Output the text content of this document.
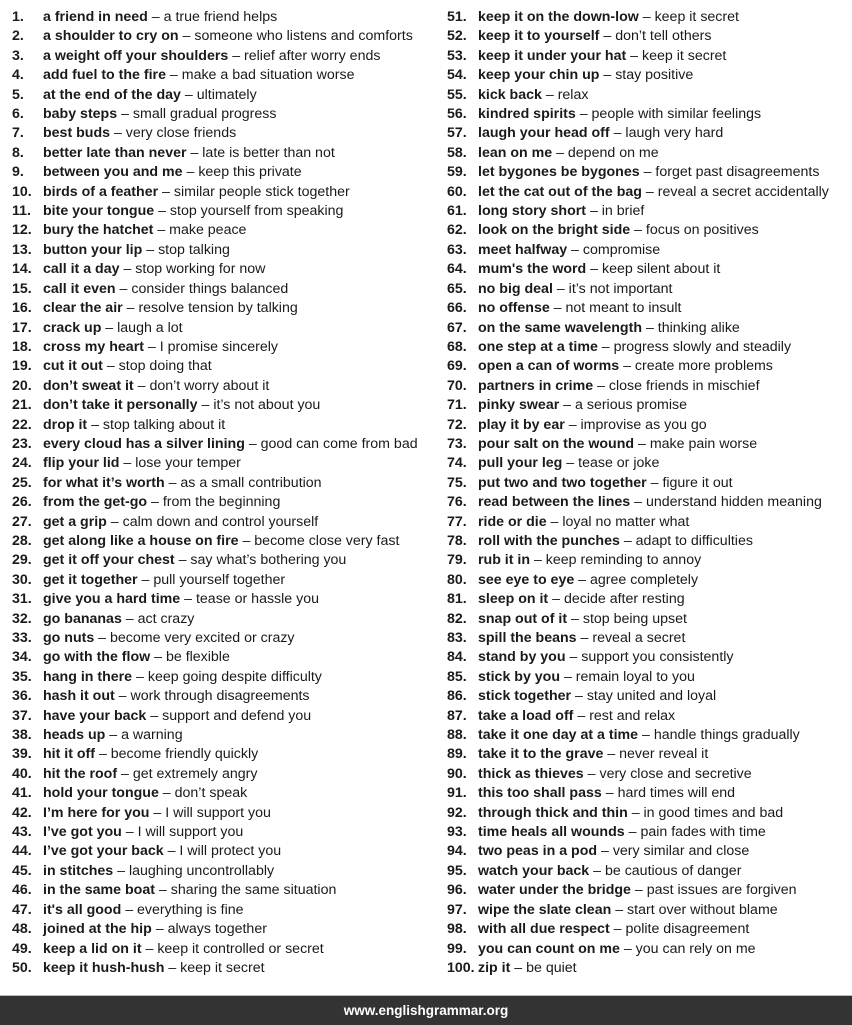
1.	a friend in need – a true friend helps
2.	a shoulder to cry on – someone who listens and comforts
3.	a weight off your shoulders – relief after worry ends
4.	add fuel to the fire – make a bad situation worse
5.	at the end of the day – ultimately
6.	baby steps – small gradual progress
7.	best buds – very close friends
8.	better late than never – late is better than not
9.	between you and me – keep this private
10. birds of a feather – similar people stick together
11. bite your tongue – stop yourself from speaking
12. bury the hatchet – make peace
13. button your lip – stop talking
14. call it a day – stop working for now
15. call it even – consider things balanced
16. clear the air – resolve tension by talking
17. crack up – laugh a lot
18. cross my heart – I promise sincerely
19. cut it out – stop doing that
20. don’t sweat it – don’t worry about it
21. don’t take it personally – it’s not about you
22. drop it – stop talking about it
23. every cloud has a silver lining – good can come from bad
24. flip your lid – lose your temper
25. for what it’s worth – as a small contribution
26. from the get-go – from the beginning
27. get a grip – calm down and control yourself
28. get along like a house on fire – become close very fast
29. get it off your chest – say what’s bothering you
30. get it together – pull yourself together
31. give you a hard time – tease or hassle you
32. go bananas – act crazy
33. go nuts – become very excited or crazy
34. go with the flow – be flexible
35. hang in there – keep going despite difficulty
36. hash it out – work through disagreements
37. have your back – support and defend you
38. heads up – a warning
39. hit it off – become friendly quickly
40. hit the roof – get extremely angry
41. hold your tongue – don’t speak
42. I’m here for you – I will support you
43. I’ve got you – I will support you
44. I’ve got your back – I will protect you
45. in stitches – laughing uncontrollably
46. in the same boat – sharing the same situation
47. it's all good – everything is fine
48. joined at the hip – always together
49. keep a lid on it – keep it controlled or secret
50. keep it hush-hush – keep it secret
51. keep it on the down-low – keep it secret
52. keep it to yourself – don’t tell others
53. keep it under your hat – keep it secret
54. keep your chin up – stay positive
55. kick back – relax
56. kindred spirits – people with similar feelings
57. laugh your head off – laugh very hard
58. lean on me – depend on me
59. let bygones be bygones – forget past disagreements
60. let the cat out of the bag – reveal a secret accidentally
61. long story short – in brief
62. look on the bright side – focus on positives
63. meet halfway – compromise
64. mum's the word – keep silent about it
65. no big deal – it’s not important
66. no offense – not meant to insult
67. on the same wavelength – thinking alike
68. one step at a time – progress slowly and steadily
69. open a can of worms – create more problems
70. partners in crime – close friends in mischief
71. pinky swear – a serious promise
72. play it by ear – improvise as you go
73. pour salt on the wound – make pain worse
74. pull your leg – tease or joke
75. put two and two together – figure it out
76. read between the lines – understand hidden meaning
77. ride or die – loyal no matter what
78. roll with the punches – adapt to difficulties
79. rub it in – keep reminding to annoy
80. see eye to eye – agree completely
81. sleep on it – decide after resting
82. snap out of it – stop being upset
83. spill the beans – reveal a secret
84. stand by you – support you consistently
85. stick by you – remain loyal to you
86. stick together – stay united and loyal
87. take a load off – rest and relax
88. take it one day at a time – handle things gradually
89. take it to the grave – never reveal it
90. thick as thieves – very close and secretive
91. this too shall pass – hard times will end
92. through thick and thin – in good times and bad
93. time heals all wounds – pain fades with time
94. two peas in a pod – very similar and close
95. watch your back – be cautious of danger
96. water under the bridge – past issues are forgiven
97. wipe the slate clean – start over without blame
98. with all due respect – polite disagreement
99. you can count on me – you can rely on me
100. zip it – be quiet
www.englishgrammar.org
